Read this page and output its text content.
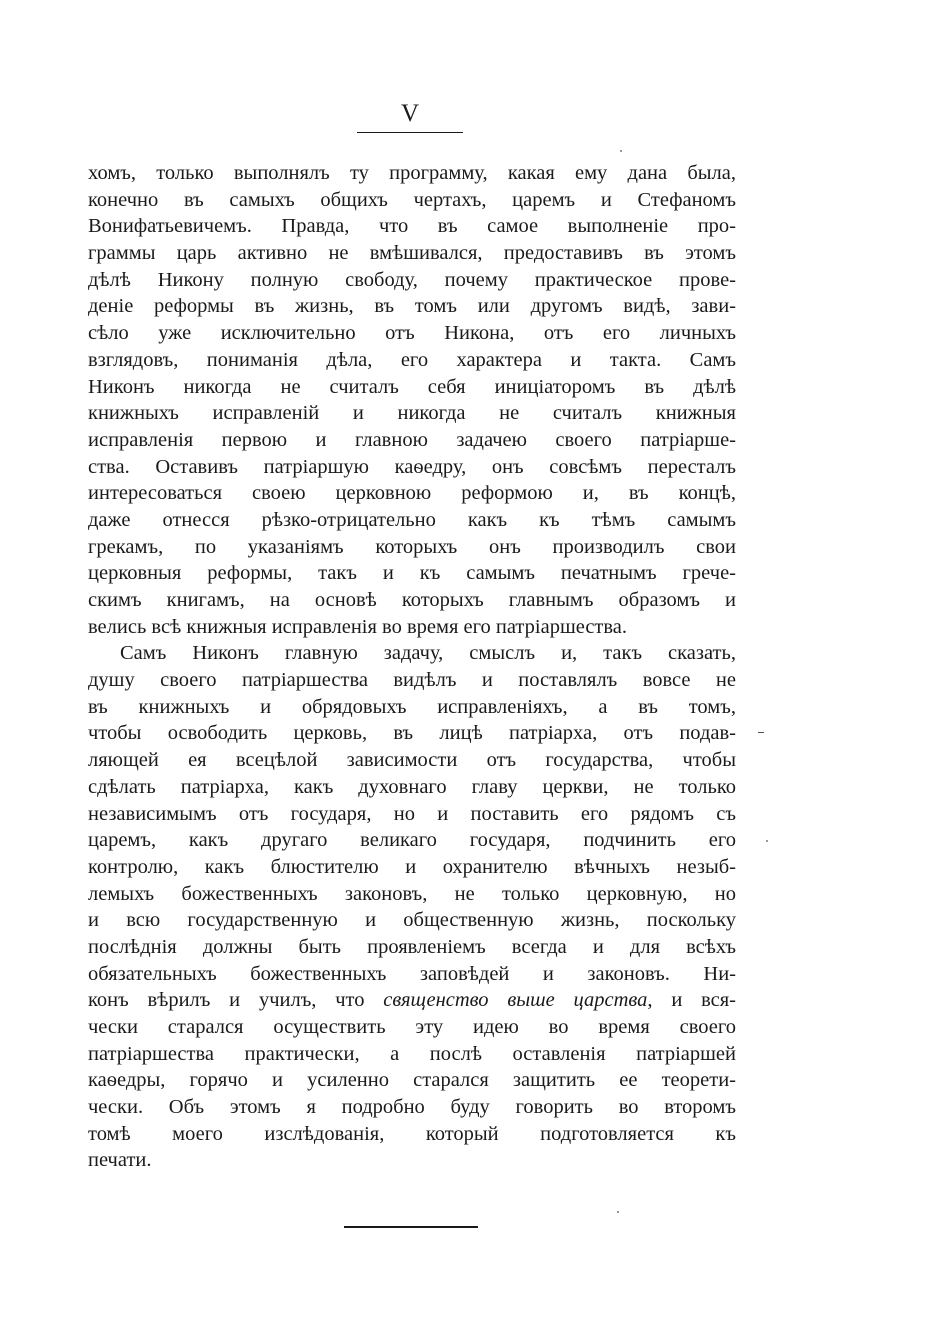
V
хомъ, только выполнялъ ту программу, какая ему дана была,
конечно въ самыхъ общихъ чертахъ, царемъ и Стефаномъ
Вонифатьевичемъ. Правда, что въ самое выполненіе про-
граммы царь активно не вмѣшивался, предоставивъ въ этомъ
дѣлѣ Никону полную свободу, почему практическое прове-
деніе реформы въ жизнь, въ томъ или другомъ видѣ, зави-
сѣло уже исключительно отъ Никона, отъ его личныхъ
взглядовъ, пониманія дѣла, его характера и такта. Самъ
Никонъ никогда не считалъ себя иниціаторомъ въ дѣлѣ
книжныхъ исправленій и никогда не считалъ книжныя
исправленія первою и главною задачею своего патріарше-
ства. Оставивъ патріаршую каѳедру, онъ совсѣмъ пересталъ
интересоваться своею церковною реформою и, въ концѣ,
даже отнесся рѣзко-отрицательно какъ къ тѣмъ самымъ
грекамъ, по указаніямъ которыхъ онъ производилъ свои
церковныя реформы, такъ и къ самымъ печатнымъ грече-
скимъ книгамъ, на основѣ которыхъ главнымъ образомъ и
велись всѣ книжныя исправленія во время его патріаршества.
Самъ Никонъ главную задачу, смыслъ и, такъ сказать,
душу своего патріаршества видѣлъ и поставлялъ вовсе не
въ книжныхъ и обрядовыхъ исправленіяхъ, а въ томъ,
чтобы освободить церковь, въ лицѣ патріарха, отъ подав-
ляющей ея всецѣлой зависимости отъ государства, чтобы
сдѣлать патріарха, какъ духовнаго главу церкви, не только
независимымъ отъ государя, но и поставить его рядомъ съ
царемъ, какъ другаго великаго государя, подчинить его
контролю, какъ блюстителю и охранителю вѣчныхъ незыб-
лемыхъ божественныхъ законовъ, не только церковную, но
и всю государственную и общественную жизнь, поскольку
послѣднія должны быть проявленіемъ всегда и для всѣхъ
обязательныхъ божественныхъ заповѣдей и законовъ. Ни-
конъ вѣрилъ и училъ, что священство выше царства, и вся-
чески старался осуществить эту идею во время своего
патріаршества практически, а послѣ оставленія патріаршей
каѳедры, горячо и усиленно старался защитить ее теорети-
чески. Объ этомъ я подробно буду говорить во второмъ
томѣ моего изслѣдованія, который подготовляется къ
печати.
